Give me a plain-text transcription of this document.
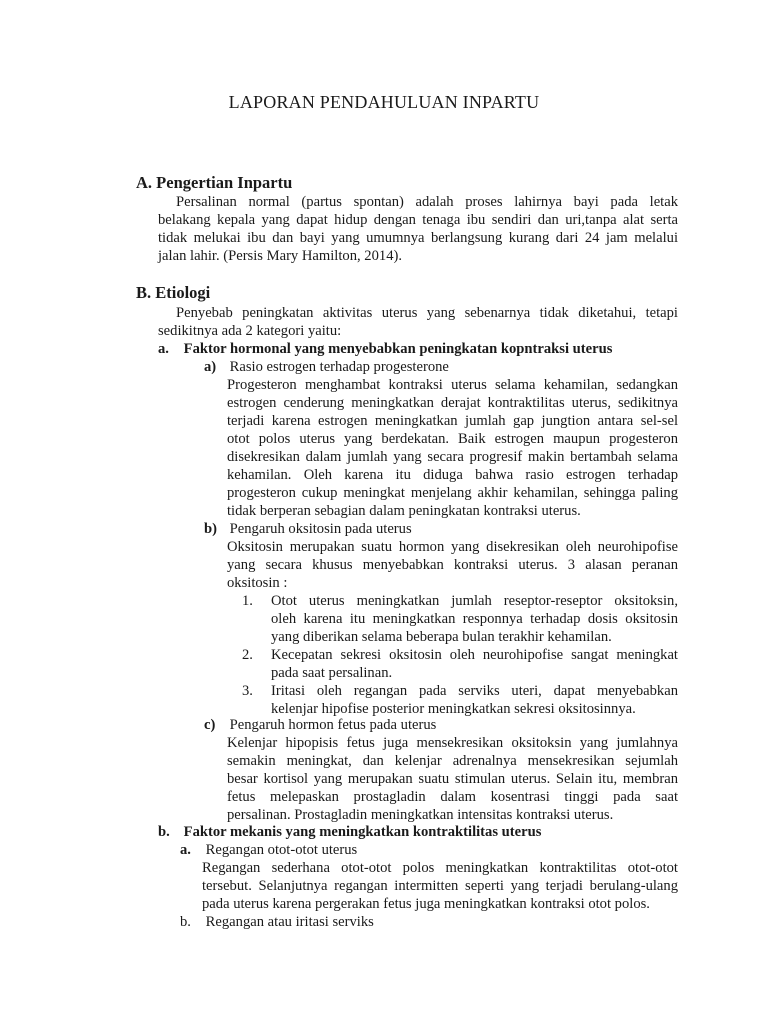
LAPORAN PENDAHULUAN INPARTU
A. Pengertian Inpartu
Persalinan normal (partus spontan) adalah proses lahirnya bayi pada letak
belakang kepala yang dapat hidup dengan tenaga ibu sendiri dan uri,tanpa alat serta
tidak melukai ibu dan bayi yang umumnya berlangsung kurang dari 24 jam melalui
jalan lahir. (Persis Mary Hamilton, 2014).
B. Etiologi
Penyebab peningkatan aktivitas uterus yang sebenarnya tidak diketahui, tetapi
sedikitnya ada 2 kategori yaitu:
a. Faktor hormonal yang menyebabkan peningkatan kopntraksi uterus
a) Rasio estrogen terhadap progesterone
Progesteron menghambat kontraksi uterus selama kehamilan, sedangkan
estrogen cenderung meningkatkan derajat kontraktilitas uterus, sedikitnya
terjadi karena estrogen meningkatkan jumlah gap jungtion antara sel-sel
otot polos uterus yang berdekatan. Baik estrogen maupun progesteron
disekresikan dalam jumlah yang secara progresif makin bertambah selama
kehamilan. Oleh karena itu diduga bahwa rasio estrogen terhadap
progesteron cukup meningkat menjelang akhir kehamilan, sehingga paling
tidak berperan sebagian dalam peningkatan kontraksi uterus.
b) Pengaruh oksitosin pada uterus
Oksitosin merupakan suatu hormon yang disekresikan oleh neurohipofise
yang secara khusus menyebabkan kontraksi uterus. 3 alasan peranan
oksitosin :
1. Otot uterus meningkatkan jumlah reseptor-reseptor oksitoksin,
oleh karena itu meningkatkan responnya terhadap dosis oksitosin
yang diberikan selama beberapa bulan terakhir kehamilan.
2. Kecepatan sekresi oksitosin oleh neurohipofise sangat meningkat
pada saat persalinan.
3. Iritasi oleh regangan pada serviks uteri, dapat menyebabkan
kelenjar hipofise posterior meningkatkan sekresi oksitosinnya.
c) Pengaruh hormon fetus pada uterus
Kelenjar hipopisis fetus juga mensekresikan oksitoksin yang jumlahnya
semakin meningkat, dan kelenjar adrenalnya mensekresikan sejumlah
besar kortisol yang merupakan suatu stimulan uterus. Selain itu, membran
fetus melepaskan prostagladin dalam kosentrasi tinggi pada saat
persalinan. Prostagladin meningkatkan intensitas kontraksi uterus.
b. Faktor mekanis yang meningkatkan kontraktilitas uterus
a. Regangan otot-otot uterus
Regangan sederhana otot-otot polos meningkatkan kontraktilitas otot-otot
tersebut. Selanjutnya regangan intermitten seperti yang terjadi berulang-ulang
pada uterus karena pergerakan fetus juga meningkatkan kontraksi otot polos.
b. Regangan atau iritasi serviks
